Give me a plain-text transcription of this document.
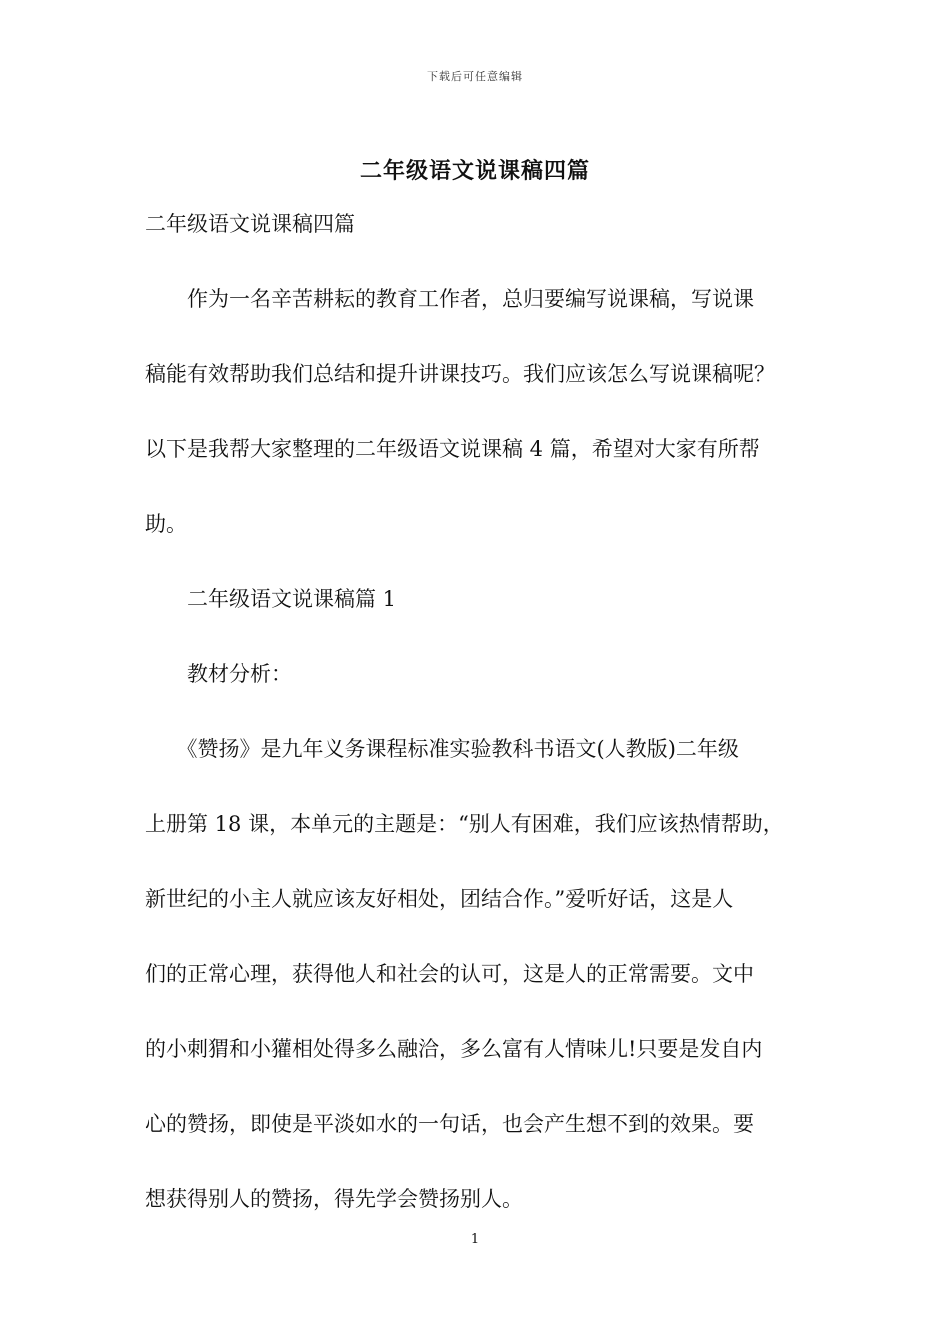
下载后可任意编辑
二年级语文说课稿四篇
二年级语文说课稿四篇
　　作为一名辛苦耕耘的教育工作者，总归要编写说课稿，写说课
稿能有效帮助我们总结和提升讲课技巧。我们应该怎么写说课稿呢？
以下是我帮大家整理的二年级语文说课稿 4 篇，希望对大家有所帮
助。
　　二年级语文说课稿篇 1
　　教材分析：
　　《赞扬》是九年义务课程标准实验教科书语文(人教版)二年级
上册第 18 课，本单元的主题是：“别人有困难，我们应该热情帮助，
新世纪的小主人就应该友好相处，团结合作。”爱听好话，这是人
们的正常心理，获得他人和社会的认可，这是人的正常需要。文中
的小刺猬和小獾相处得多么融洽，多么富有人情味儿!只要是发自内
心的赞扬，即使是平淡如水的一句话，也会产生想不到的效果。要
想获得别人的赞扬，得先学会赞扬别人。
1
